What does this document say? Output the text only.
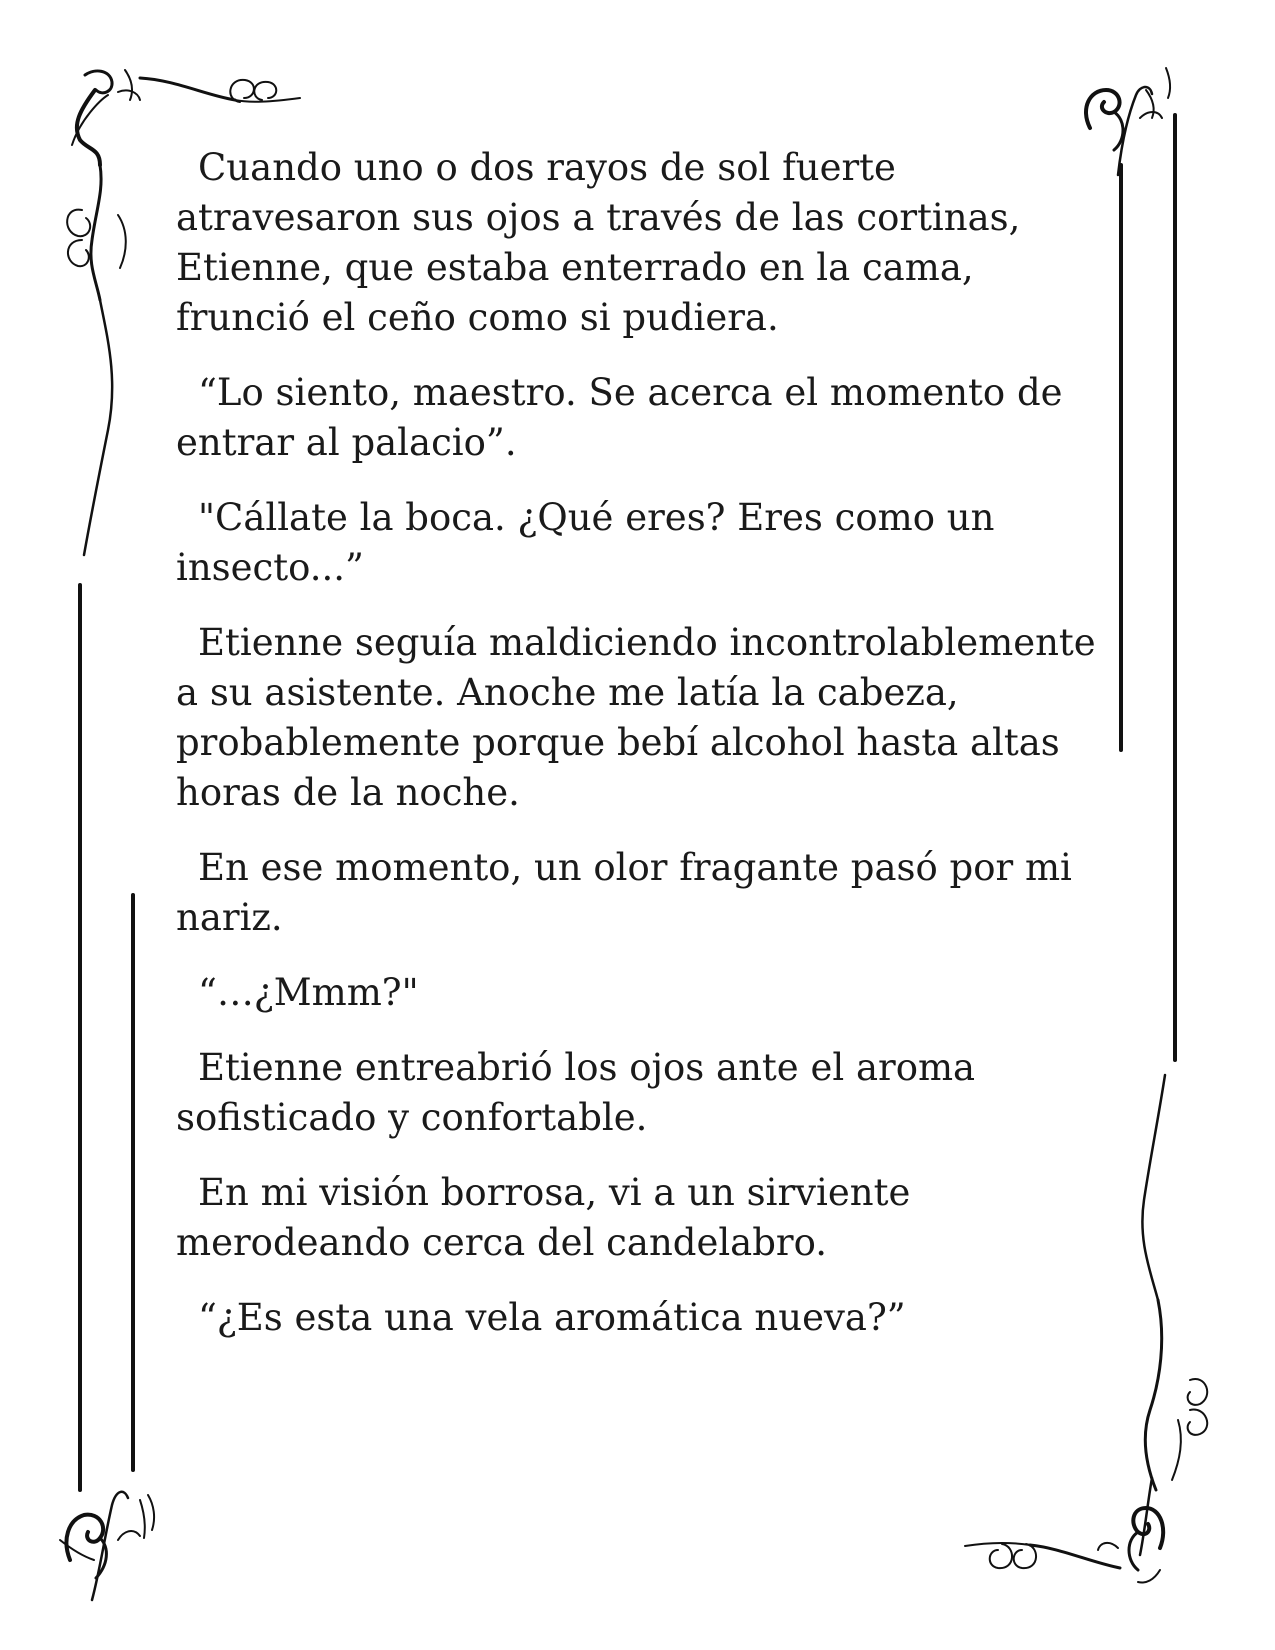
Cuando uno o dos rayos de sol fuerte atravesaron sus ojos a través de las cortinas, Etienne, que estaba enterrado en la cama, frunció el ceño como si pudiera.

“Lo siento, maestro. Se acerca el momento de entrar al palacio”.

"Cállate la boca. ¿Qué eres? Eres como un insecto...”

Etienne seguía maldiciendo incontrolablemente a su asistente. Anoche me latía la cabeza, probablemente porque bebí alcohol hasta altas horas de la noche.

En ese momento, un olor fragante pasó por mi nariz.

“…¿Mmm?"

Etienne entreabrió los ojos ante el aroma sofisticado y confortable.

En mi visión borrosa, vi a un sirviente merodeando cerca del candelabro.

“¿Es esta una vela aromática nueva?”
